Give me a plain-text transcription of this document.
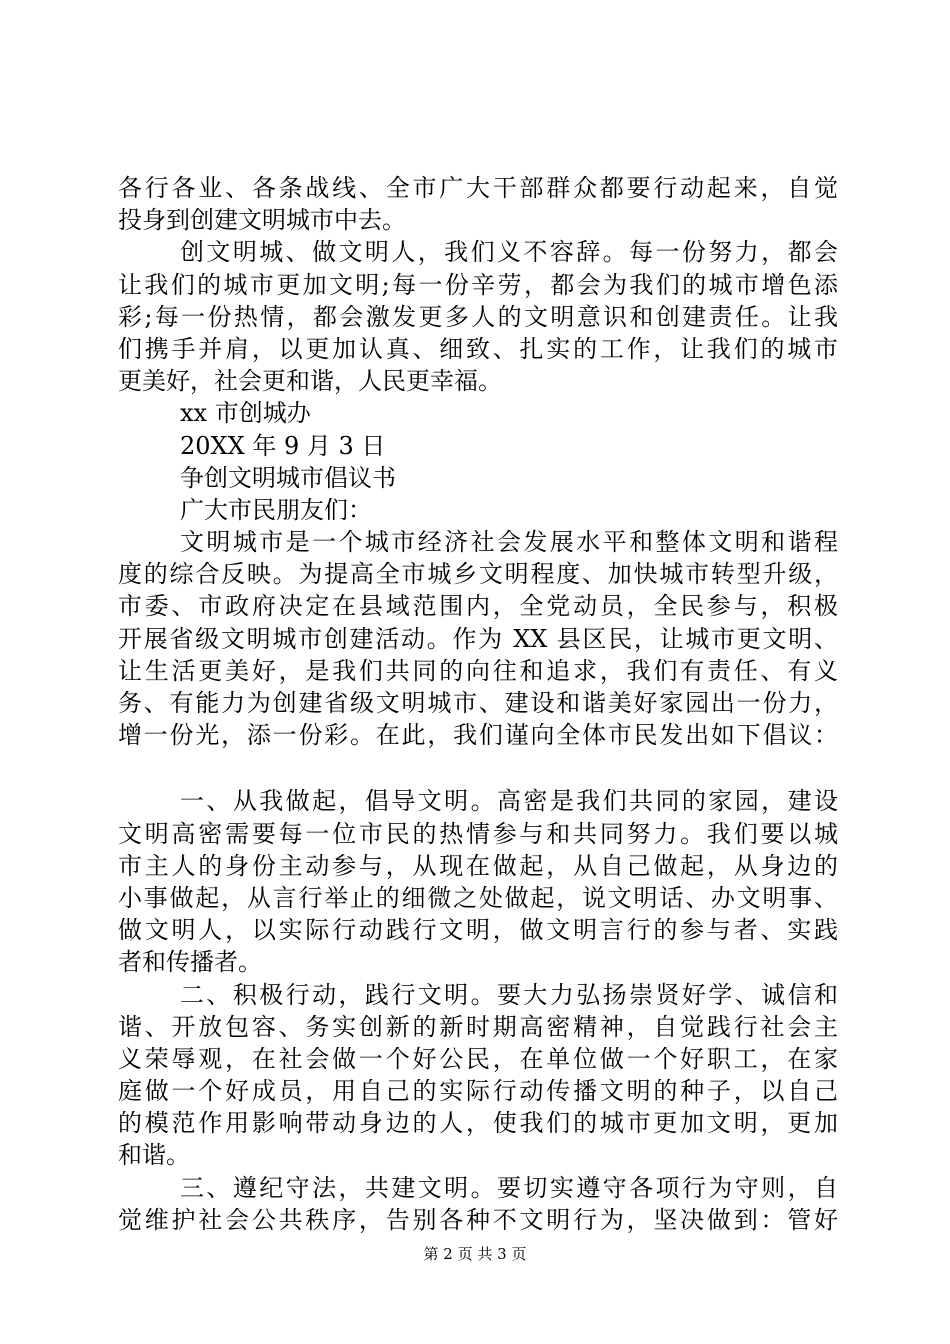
各行各业、各条战线、全市广大干部群众都要行动起来，自觉
投身到创建文明城市中去。
创文明城、做文明人，我们义不容辞。每一份努力，都会
让我们的城市更加文明;每一份辛劳，都会为我们的城市增色添
彩;每一份热情，都会激发更多人的文明意识和创建责任。让我
们携手并肩，以更加认真、细致、扎实的工作，让我们的城市
更美好，社会更和谐，人民更幸福。
xx 市创城办
20XX 年 9 月 3 日
争创文明城市倡议书
广大市民朋友们：
文明城市是一个城市经济社会发展水平和整体文明和谐程
度的综合反映。为提高全市城乡文明程度、加快城市转型升级，
市委、市政府决定在县域范围内，全党动员，全民参与，积极
开展省级文明城市创建活动。作为 XX 县区民，让城市更文明、
让生活更美好，是我们共同的向往和追求，我们有责任、有义
务、有能力为创建省级文明城市、建设和谐美好家园出一份力，
增一份光，添一份彩。在此，我们谨向全体市民发出如下倡议：
一、从我做起，倡导文明。高密是我们共同的家园，建设
文明高密需要每一位市民的热情参与和共同努力。我们要以城
市主人的身份主动参与，从现在做起，从自己做起，从身边的
小事做起，从言行举止的细微之处做起，说文明话、办文明事、
做文明人，以实际行动践行文明，做文明言行的参与者、实践
者和传播者。
二、积极行动，践行文明。要大力弘扬崇贤好学、诚信和
谐、开放包容、务实创新的新时期高密精神，自觉践行社会主
义荣辱观，在社会做一个好公民，在单位做一个好职工，在家
庭做一个好成员，用自己的实际行动传播文明的种子，以自己
的模范作用影响带动身边的人，使我们的城市更加文明，更加
和谐。
三、遵纪守法，共建文明。要切实遵守各项行为守则，自
觉维护社会公共秩序，告别各种不文明行为，坚决做到：管好
第 2 页 共 3 页
